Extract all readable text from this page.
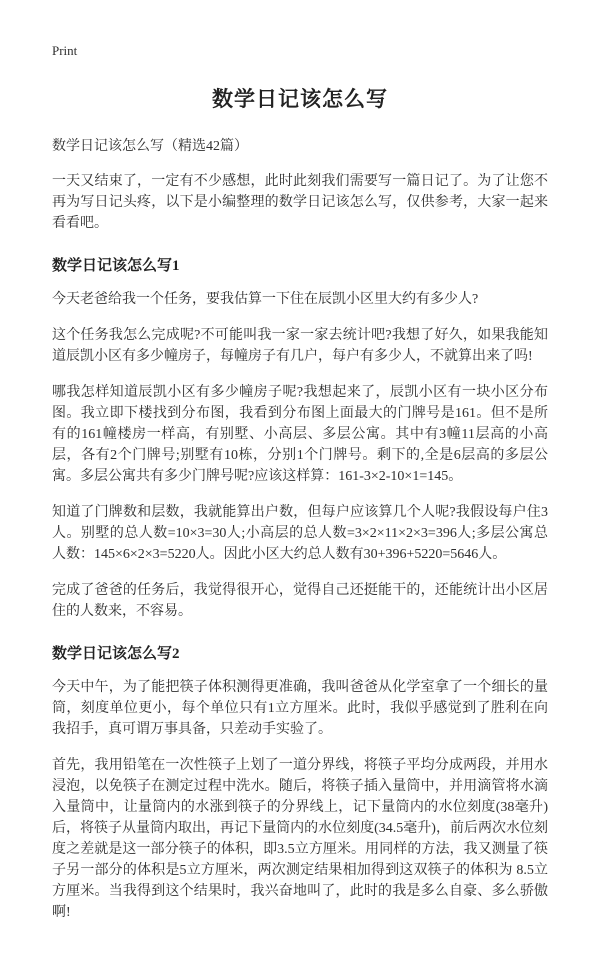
Print
数学日记该怎么写

数学日记该怎么写（精选42篇）

一天又结束了，一定有不少感想，此时此刻我们需要写一篇日记了。为了让您不再为写日记头疼，以下是小编整理的数学日记该怎么写，仅供参考，大家一起来看看吧。

数学日记该怎么写1

今天老爸给我一个任务，要我估算一下住在辰凯小区里大约有多少人?

这个任务我怎么完成呢?不可能叫我一家一家去统计吧?我想了好久，如果我能知道辰凯小区有多少幢房子，每幢房子有几户，每户有多少人，不就算出来了吗!

哪我怎样知道辰凯小区有多少幢房子呢?我想起来了，辰凯小区有一块小区分布图。我立即下楼找到分布图，我看到分布图上面最大的门牌号是161。但不是所有的161幢楼房一样高，有别墅、小高层、多层公寓。其中有3幢11层高的小高层，各有2个门牌号;别墅有10栋，分别1个门牌号。剩下的,全是6层高的多层公寓。多层公寓共有多少门牌号呢?应该这样算：161-3×2-10×1=145。

知道了门牌数和层数，我就能算出户数，但每户应该算几个人呢?我假设每户住3人。别墅的总人数=10×3=30人;小高层的总人数=3×2×11×2×3=396人;多层公寓总人数：145×6×2×3=5220人。因此小区大约总人数有30+396+5220=5646人。

完成了爸爸的任务后，我觉得很开心，觉得自己还挺能干的，还能统计出小区居住的人数来，不容易。

数学日记该怎么写2

今天中午，为了能把筷子体积测得更准确，我叫爸爸从化学室拿了一个细长的量筒，刻度单位更小，每个单位只有1立方厘米。此时，我似乎感觉到了胜利在向我招手，真可谓万事具备，只差动手实验了。

首先，我用铅笔在一次性筷子上划了一道分界线，将筷子平均分成两段，并用水浸泡，以免筷子在测定过程中洗水。随后，将筷子插入量筒中，并用滴管将水滴入量筒中，让量筒内的水涨到筷子的分界线上，记下量筒内的水位刻度(38毫升)后，将筷子从量筒内取出，再记下量筒内的水位刻度(34.5毫升)，前后两次水位刻度之差就是这一部分筷子的体积，即3.5立方厘米。用同样的方法，我又测量了筷子另一部分的体积是5立方厘米，两次测定结果相加得到这双筷子的体积为 8.5立方厘米。当我得到这个结果时，我兴奋地叫了，此时的我是多么自豪、多么骄傲啊!
